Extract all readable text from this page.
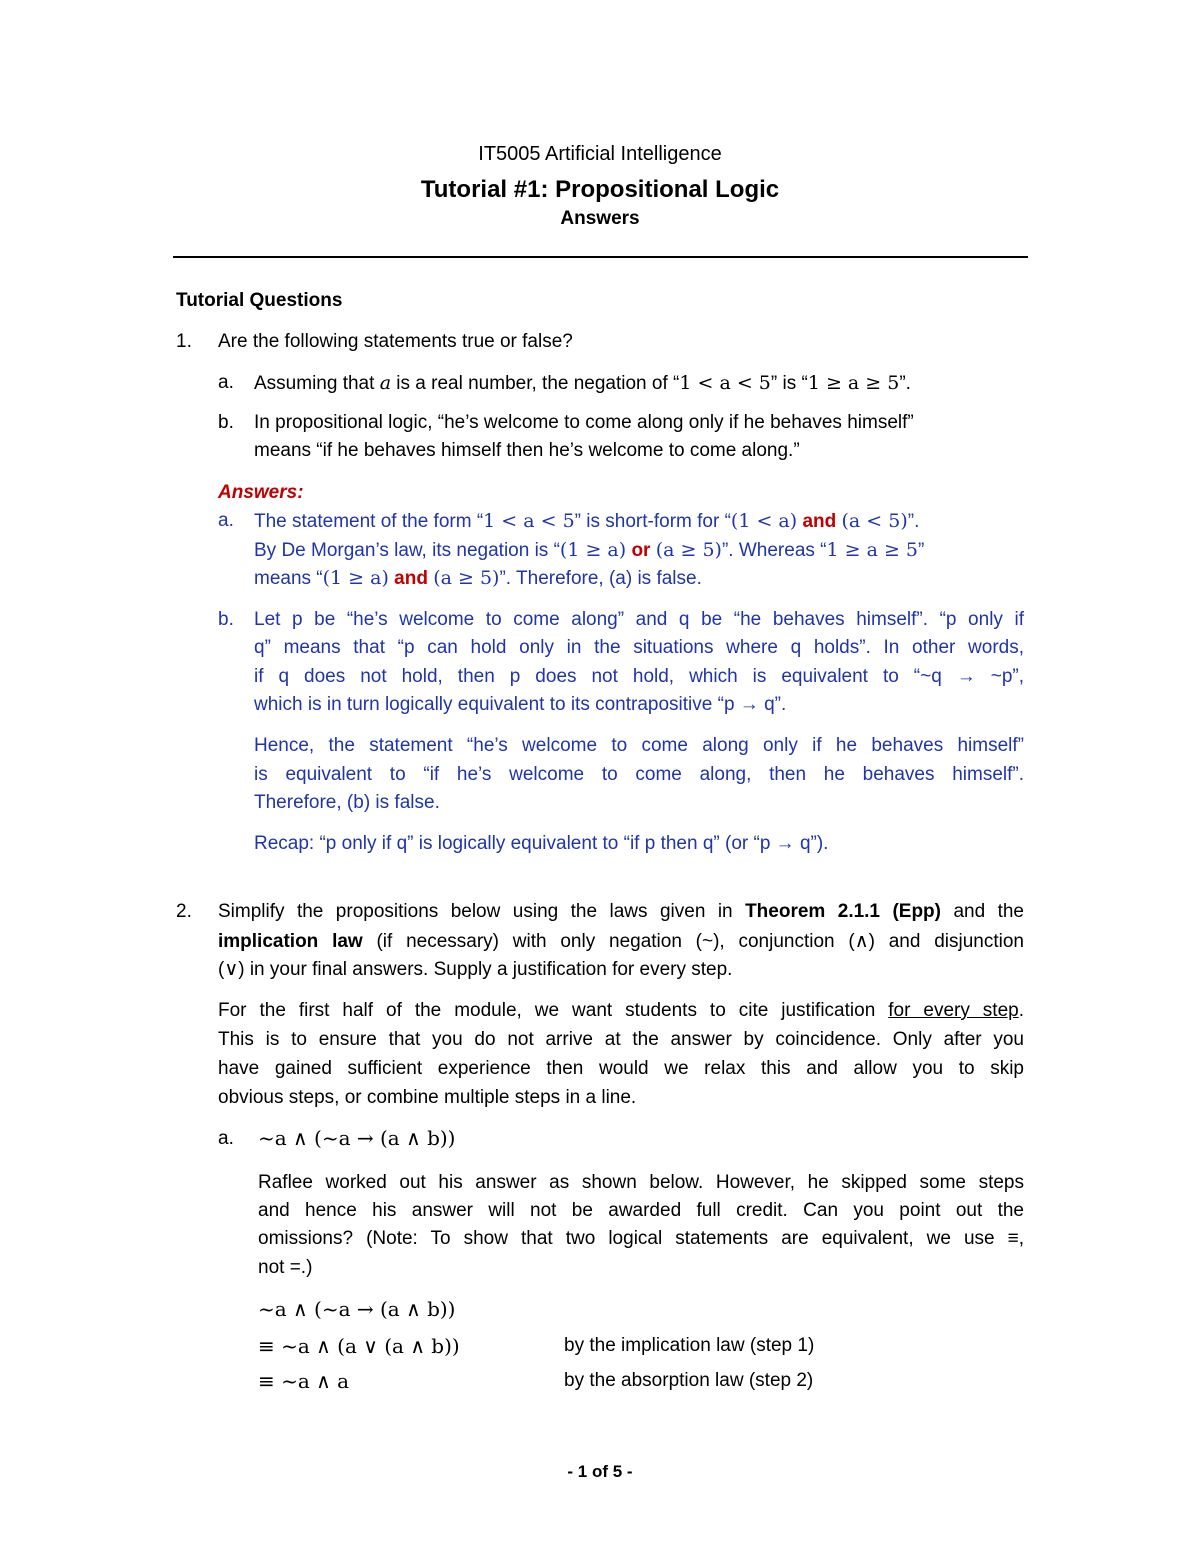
IT5005 Artificial Intelligence
Tutorial #1: Propositional Logic
Answers
Tutorial Questions
1. Are the following statements true or false?
a. Assuming that a is a real number, the negation of “1 < a < 5” is “1 ≥ a ≥ 5”.
b. In propositional logic, “he’s welcome to come along only if he behaves himself”
means “if he behaves himself then he’s welcome to come along.”
Answers:
a. The statement of the form “1 < a < 5” is short-form for “(1 < a) and (a < 5)”.
By De Morgan’s law, its negation is “(1 ≥ a) or (a ≥ 5)”. Whereas “1 ≥ a ≥ 5”
means “(1 ≥ a) and (a ≥ 5)”. Therefore, (a) is false.
b. Let p be “he’s welcome to come along” and q be “he behaves himself”. “p only if
q” means that “p can hold only in the situations where q holds”. In other words,
if q does not hold, then p does not hold, which is equivalent to “~q → ~p”,
which is in turn logically equivalent to its contrapositive “p → q”.
Hence, the statement “he’s welcome to come along only if he behaves himself”
is equivalent to “if he’s welcome to come along, then he behaves himself”.
Therefore, (b) is false.
Recap: “p only if q” is logically equivalent to “if p then q” (or “p → q”).
2. Simplify the propositions below using the laws given in Theorem 2.1.1 (Epp) and the
implication law (if necessary) with only negation (~), conjunction (∧) and disjunction
(∨) in your final answers. Supply a justification for every step.
For the first half of the module, we want students to cite justification for every step.
This is to ensure that you do not arrive at the answer by coincidence. Only after you
have gained sufficient experience then would we relax this and allow you to skip
obvious steps, or combine multiple steps in a line.
a. ~a ∧ (~a → (a ∧ b))
Raflee worked out his answer as shown below. However, he skipped some steps
and hence his answer will not be awarded full credit. Can you point out the
omissions? (Note: To show that two logical statements are equivalent, we use ≡,
not =.)
~a ∧ (~a → (a ∧ b))
≡ ~a ∧ (a ∨ (a ∧ b))	by the implication law (step 1)
≡ ~a ∧ a	by the absorption law (step 2)
- 1 of 5 -
